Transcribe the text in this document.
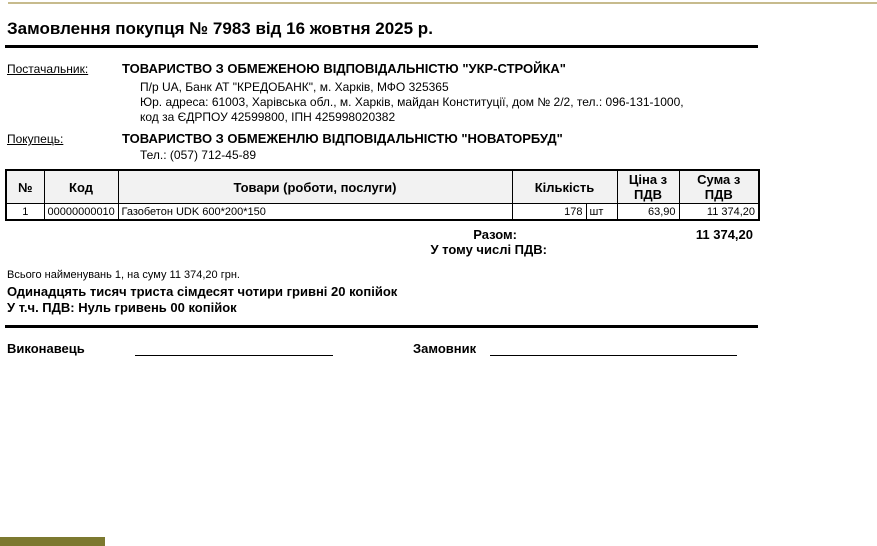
Замовлення покупця № 7983 від 16 жовтня 2025 р.
Постачальник:	ТОВАРИСТВО З ОБМЕЖЕНОЮ ВІДПОВІДАЛЬНІСТЮ "УКР-СТРОЙКА"
П/р UA, Банк АТ "КРЕДОБАНК", м. Харків, МФО 325365
Юр. адреса: 61003, Харівська обл., м. Харків, майдан Конституції, дом № 2/2, тел.: 096-131-1000,
код за ЄДРПОУ 42599800, ІПН 425998020382
Покупець:	ТОВАРИСТВО З ОБМЕЖЕНЛЮ ВІДПОВІДАЛЬНІСТЮ "НОВАТОРБУД"
Тел.: (057) 712-45-89
№	Код	Товари (роботи, послуги)	Кількість		Ціна з ПДВ	Сума з ПДВ
1	00000000010	Газобетон UDK 600*200*150	178	шт	63,90	11 374,20
Разом:	11 374,20
У тому числі ПДВ:
Всього найменувань 1, на суму 11 374,20 грн.
Одинадцять тисяч триста сімдесят чотири гривні 20 копійок
У т.ч. ПДВ: Нуль гривень 00 копійок
Виконавець	Замовник
